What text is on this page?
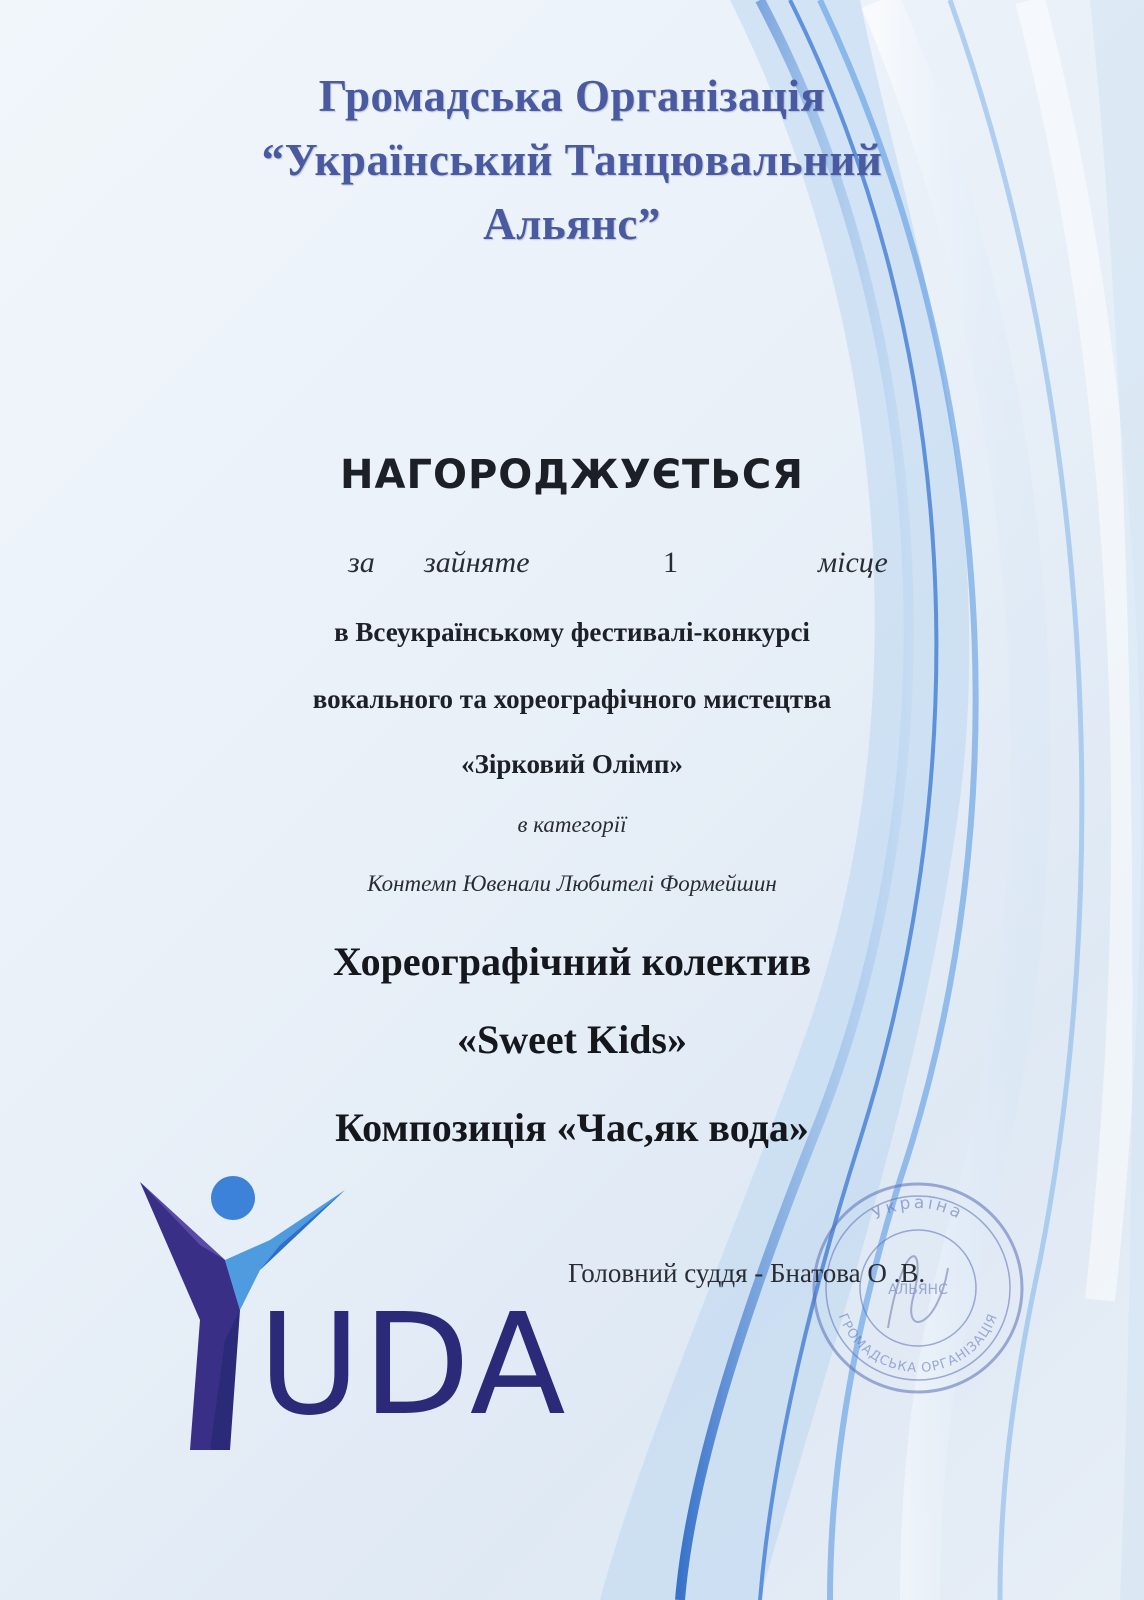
Громадська Організація
“Український Танцювальний
Альянс”
НАГОРОДЖУЄТЬСЯ
за зайняте	1	місце
в Всеукраїнському фестивалі-конкурсі
вокального та хореографічного мистецтва
«Зірковий Олімп»
в категорії
Контемп Ювенали Любителі Формейшин
Хореографічний колектив
«Sweet Kids»
Композиція «Час,як вода»
UDA
Україна
ГРОМАДСЬКА ОРГАНІЗАЦІЯ
АЛЬЯНС
Головний суддя - Бнатова О .В.
